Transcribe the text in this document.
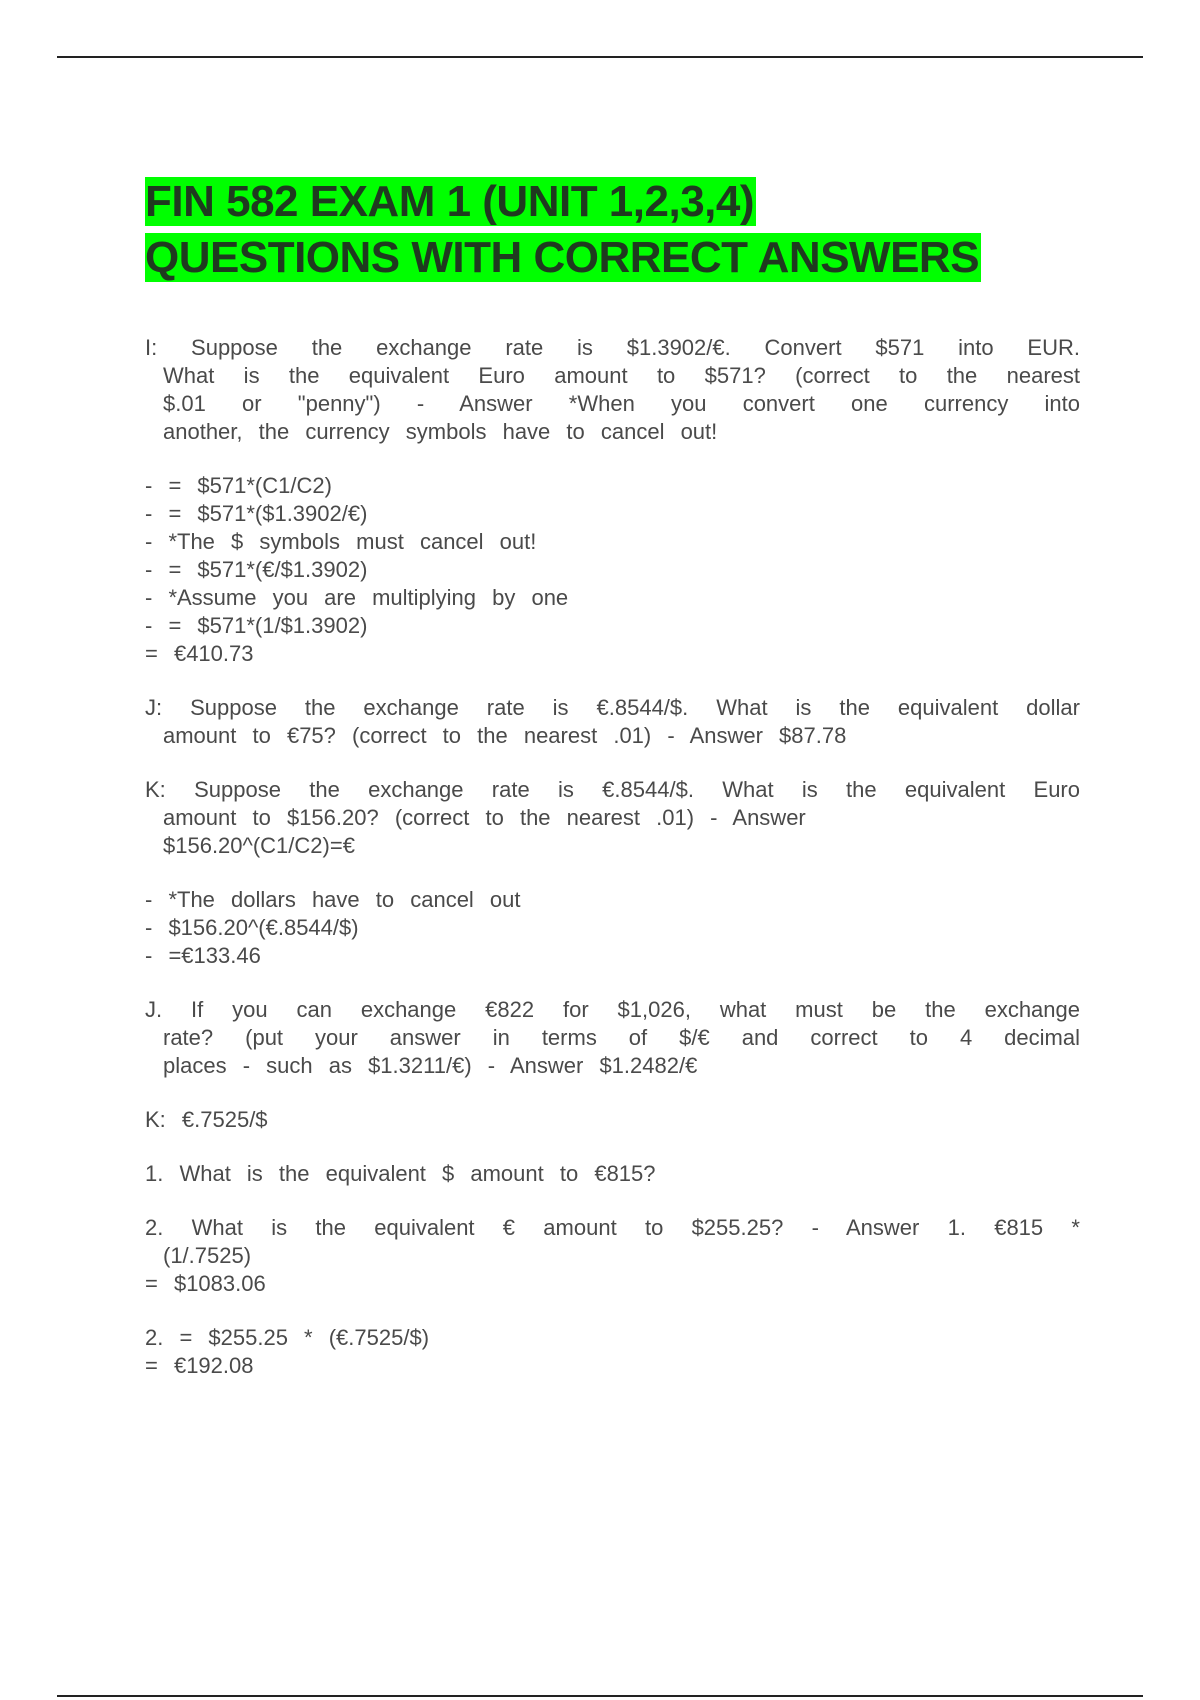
FIN 582 EXAM 1 (UNIT 1,2,3,4)
QUESTIONS WITH CORRECT ANSWERS

I: Suppose the exchange rate is $1.3902/€. Convert $571 into EUR.
What is the equivalent Euro amount to $571? (correct to the nearest
$.01 or "penny") - Answer *When you convert one currency into
another, the currency symbols have to cancel out!

- = $571*(C1/C2)
- = $571*($1.3902/€)
- *The $ symbols must cancel out!
- = $571*(€/$1.3902)
- *Assume you are multiplying by one
- = $571*(1/$1.3902)
= €410.73

J: Suppose the exchange rate is €.8544/$. What is the equivalent dollar
amount to €75? (correct to the nearest .01) - Answer $87.78

K: Suppose the exchange rate is €.8544/$. What is the equivalent Euro
amount to $156.20? (correct to the nearest .01) - Answer
$156.20^(C1/C2)=€

- *The dollars have to cancel out
- $156.20^(€.8544/$)
- =€133.46

J. If you can exchange €822 for $1,026, what must be the exchange
rate? (put your answer in terms of $/€ and correct to 4 decimal
places - such as $1.3211/€) - Answer $1.2482/€

K: €.7525/$

1. What is the equivalent $ amount to €815?

2. What is the equivalent € amount to $255.25? - Answer 1. €815 *
(1/.7525)
= $1083.06

2. = $255.25 * (€.7525/$)
= €192.08
